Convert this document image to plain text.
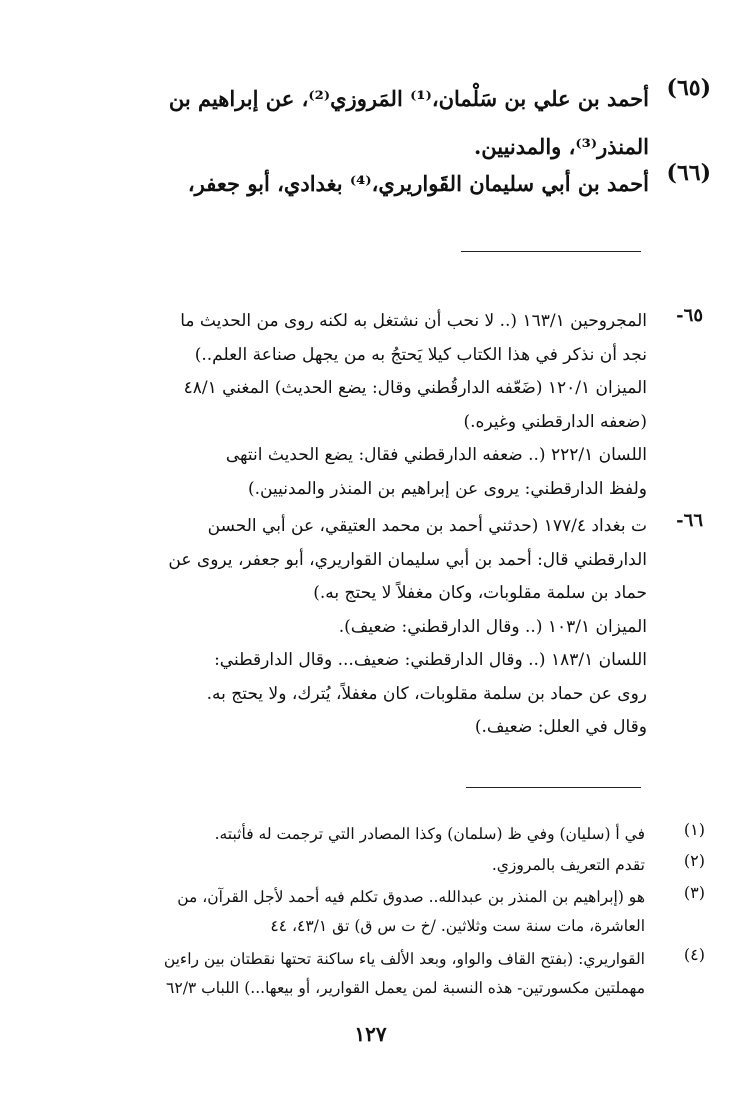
(٦٥)
أحمد بن علي بن سَلْمان،⁽¹⁾ المَروزي⁽²⁾، عن إبراهيم بن
المنذر⁽³⁾، والمدنيين.
(٦٦)
أحمد بن أبي سليمان القَواريري،⁽⁴⁾ بغدادي، أبو جعفر،
٦٥-
المجروحين ١٦٣/١ (.. لا نحب أن نشتغل به لكنه روى من الحديث ما
نجد أن نذكر في هذا الكتاب كيلا يَحتجُ به من يجهل صناعة العلم..)
الميزان ١٢٠/١ (ضَعّفه الدارقُطني وقال: يضع الحديث) المغني ٤٨/١
(ضعفه الدارقطني وغيره.)
اللسان ٢٢٢/١ (.. ضعفه الدارقطني فقال: يضع الحديث انتهى
ولفظ الدارقطني: يروى عن إبراهيم بن المنذر والمدنيين.)
٦٦-
ت بغداد ١٧٧/٤ (حدثني أحمد بن محمد العتيقي، عن أبي الحسن
الدارقطني قال: أحمد بن أبي سليمان القواريري، أبو جعفر، يروى عن
حماد بن سلمة مقلوبات، وكان مغفلاً لا يحتج به.)
الميزان ١٠٣/١ (.. وقال الدارقطني: ضعيف).
اللسان ١٨٣/١ (.. وقال الدارقطني: ضعيف... وقال الدارقطني:
روى عن حماد بن سلمة مقلوبات، كان مغفلاً، يُترك، ولا يحتج به.
وقال في العلل: ضعيف.)
(١)
في أ (سليان) وفي ظ (سلمان) وكذا المصادر التي ترجمت له فأثبته.
(٢)
تقدم التعريف بالمروزي.
(٣)
هو (إبراهيم بن المنذر بن عبدالله.. صدوق تكلم فيه أحمد لأجل القرآن، من
العاشرة، مات سنة ست وثلاثين. /خ ت س ق) تق ٤٣/١، ٤٤
(٤)
القواريري: (بفتح القاف والواو، وبعد الألف ياء ساكنة تحتها نقطتان بين راءين
مهملتين مكسورتين- هذه النسبة لمن يعمل القوارير، أو بيعها...) اللباب ٦٢/٣
١٢٧
